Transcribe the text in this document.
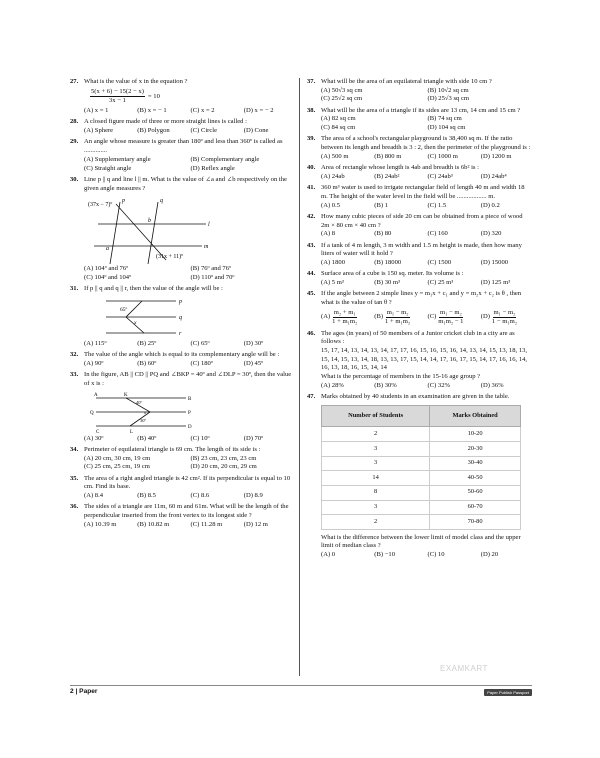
27. What is the value of x in the equation ?
$\frac{5(x + 6) - 15(2 - x)}{3x - 1} = 10$
(A) x = 1	(B) x = − 1	(C) x = 2	(D) x = − 2
28. A closed figure made of three or more straight lines is called :
(A) Sphere	(B) Polygon	(C) Circle	(D) Cone
29. An angle whose measure is greater than 180º and less than 360º is called as ..............
(A) Supplementary angle	(B) Complementary angle
(C) Straight angle	(D) Reflex angle
30. Line p || q and line l || m. What is the value of ∠a and ∠b respectively on the given angle measures ?
(37x − 7)º
p	q
l
m
b
a
(31x + 11)º
(A) 104º and 76º	(B) 76º and 76º
(C) 104º and 104º	(D) 110º and 70º
31. If p || q and q || r, then the value of the angle will be :
65º
x
p
q
r
(A) 115º	(B) 25º	(C) 65º	(D) 30º
32. The value of the angle which is equal to its complementary angle will be :
(A) 90º	(B) 60º	(C) 180º	(D) 45º
33. In the figure, AB || CD || PQ and ∠BKP = 40º and ∠DLP = 30º, then the value of x is :
A	K
B
Q	P
C	L
D
40º
30º
x
(A) 30º	(B) 40º	(C) 10º	(D) 70º
34. Perimeter of equilateral triangle is 69 cm. The length of its side is :
(A) 20 cm, 30 cm, 19 cm	(B) 23 cm, 23 cm, 23 cm
(C) 25 cm, 25 cm, 19 cm	(D) 20 cm, 20 cm, 29 cm
35. The area of a right angled triangle is 42 cm². If its perpendicular is equal to 10 cm. Find its base.
(A) 8.4	(B) 8.5	(C) 8.6	(D) 8.9
36. The sides of a triangle are 11m, 60 m and 61m. What will be the length of the perpendicular inserted from the front vertex to its longest side ?
(A) 10.39 m	(B) 10.82 m	(C) 11.28 m	(D) 12 m
37. What will be the area of an equilateral triangle with side 10 cm ?
(A) 50√3 sq cm	(B) 10√2 sq cm
(C) 25√2 sq cm	(D) 25√3 sq cm
38. What will be the area of a triangle if its sides are 13 cm, 14 cm and 15 cm ?
(A) 82 sq cm	(B) 74 sq cm
(C) 84 sq cm	(D) 104 sq cm
39. The area of a school's rectangular playground is 38,400 sq m. If the ratio between its length and breadth is 3 : 2, then the perimeter of the playground is :
(A) 500 m	(B) 800 m	(C) 1000 m	(D) 1200 m
40. Area of rectangle whose length is 4ab and breadth is 6b² is :
(A) 24ab	(B) 24ab²	(C) 24ab³	(D) 24ab⁴
41. 360 m³ water is used to irrigate rectangular field of length 40 m and width 18 m. The height of the water level in the field will be .................. m.
(A) 0.5	(B) 1	(C) 1.5	(D) 0.2
42. How many cubic pieces of side 20 cm can be obtained from a piece of wood 2m × 80 cm × 40 cm ?
(A) 8	(B) 80	(C) 160	(D) 320
43. If a tank of 4 m length, 3 m width and 1.5 m height is made, then how many liters of water will it hold ?
(A) 1800	(B) 18000	(C) 1500	(D) 15000
44. Surface area of a cube is 150 sq. meter. Its volume is :
(A) 5 m³	(B) 30 m³	(C) 25 m³	(D) 125 m³
45. If the angle between 2 simple lines y = m₁x + c₁ and y = m₂x + c₂ is θ , then what is the value of tan θ ?
$(A) \frac{\text{m₂ + m₁}}{\text{1 + m₁m₂}}$	$(B) \frac{\text{m₁ − m₂}}{\text{1 + m₁m₂}}$	$(C) \frac{\text{m₁ − m₂}}{\text{m₁m₂ − 1}}$	$(D) \frac{\text{m₁ − m₂}}{\text{1 − m₁m₂}}$
46. The ages (in years) of 50 members of a Junior cricket club in a city are as follows :
15, 17, 14, 13, 14, 13, 14, 17, 17, 16, 15, 16, 15, 16, 14, 13, 14, 15, 13, 18, 13, 15, 14, 15, 13, 14, 18, 13, 13, 17, 15, 14, 14, 17, 16, 17, 15, 14, 17, 16, 16, 14, 16, 13, 18, 16, 15, 14, 14
What is the percentage of members in the 15-16 age group ?
(A) 28%	(B) 30%	(C) 32%	(D) 36%
47. Marks obtained by 40 students in an examination are given in the table.
Number of Students	Marks Obtained
2	10-20
3	20-30
3	30-40
14	40-50
8	50-60
3	60-70
2	70-80
What is the difference between the lower limit of model class and the upper limit of median class ?
(A) 0	(B) −10	(C) 10	(D) 20
EXAMKART
2 | Paper	Paper Publish Passport
